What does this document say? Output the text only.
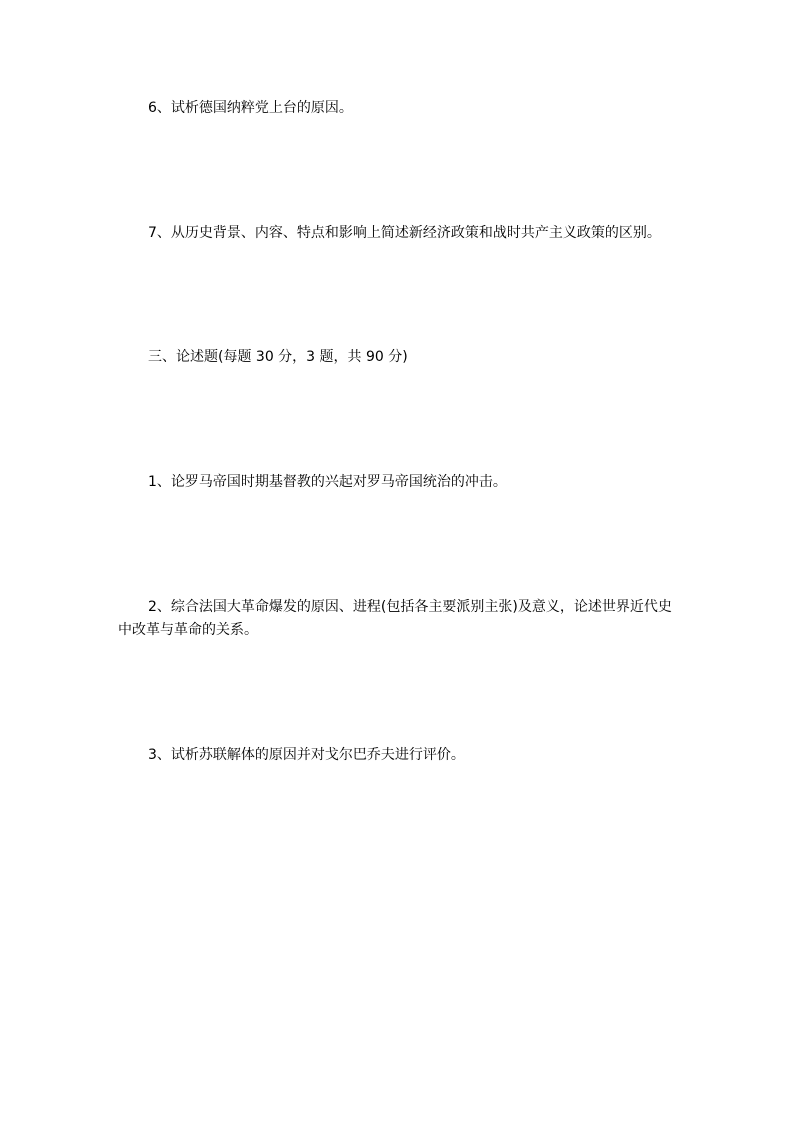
6、试析德国纳粹党上台的原因。
7、从历史背景、内容、特点和影响上简述新经济政策和战时共产主义政策的区别。
三、论述题(每题 30 分，3 题，共 90 分)
1、论罗马帝国时期基督教的兴起对罗马帝国统治的冲击。
2、综合法国大革命爆发的原因、进程(包括各主要派别主张)及意义，论述世界近代史
中改革与革命的关系。
3、试析苏联解体的原因并对戈尔巴乔夫进行评价。
